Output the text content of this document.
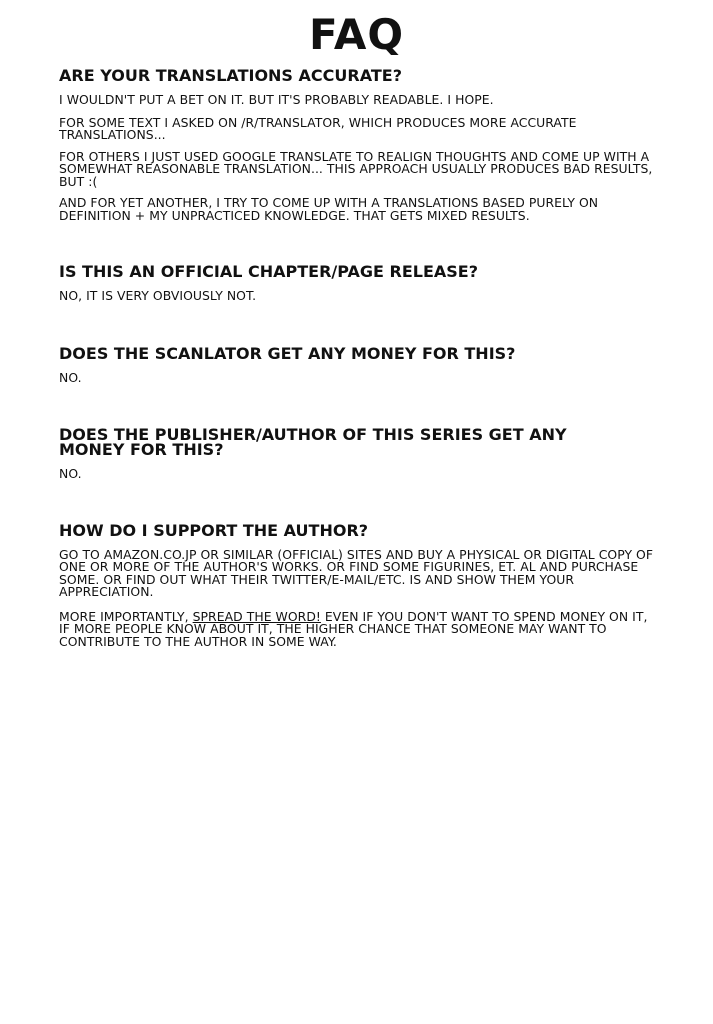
FAQ
ARE YOUR TRANSLATIONS ACCURATE?

I WOULDN'T PUT A BET ON IT. BUT IT'S PROBABLY READABLE. I HOPE.

FOR SOME TEXT I ASKED ON /R/TRANSLATOR, WHICH PRODUCES MORE ACCURATE TRANSLATIONS...

FOR OTHERS I JUST USED GOOGLE TRANSLATE TO REALIGN THOUGHTS AND COME UP WITH A SOMEWHAT REASONABLE TRANSLATION... THIS APPROACH USUALLY PRODUCES BAD RESULTS, BUT :(

AND FOR YET ANOTHER, I TRY TO COME UP WITH A TRANSLATIONS BASED PURELY ON DEFINITION + MY UNPRACTICED KNOWLEDGE. THAT GETS MIXED RESULTS.

IS THIS AN OFFICIAL CHAPTER/PAGE RELEASE?

NO, IT IS VERY OBVIOUSLY NOT.

DOES THE SCANLATOR GET ANY MONEY FOR THIS?

NO.

DOES THE PUBLISHER/AUTHOR OF THIS SERIES GET ANY MONEY FOR THIS?

NO.

HOW DO I SUPPORT THE AUTHOR?

GO TO AMAZON.CO.JP OR SIMILAR (OFFICIAL) SITES AND BUY A PHYSICAL OR DIGITAL COPY OF ONE OR MORE OF THE AUTHOR'S WORKS. OR FIND SOME FIGURINES, ET. AL AND PURCHASE SOME. OR FIND OUT WHAT THEIR TWITTER/E-MAIL/ETC. IS AND SHOW THEM YOUR APPRECIATION.

MORE IMPORTANTLY, SPREAD THE WORD! EVEN IF YOU DON'T WANT TO SPEND MONEY ON IT, IF MORE PEOPLE KNOW ABOUT IT, THE HIGHER CHANCE THAT SOMEONE MAY WANT TO CONTRIBUTE TO THE AUTHOR IN SOME WAY.
